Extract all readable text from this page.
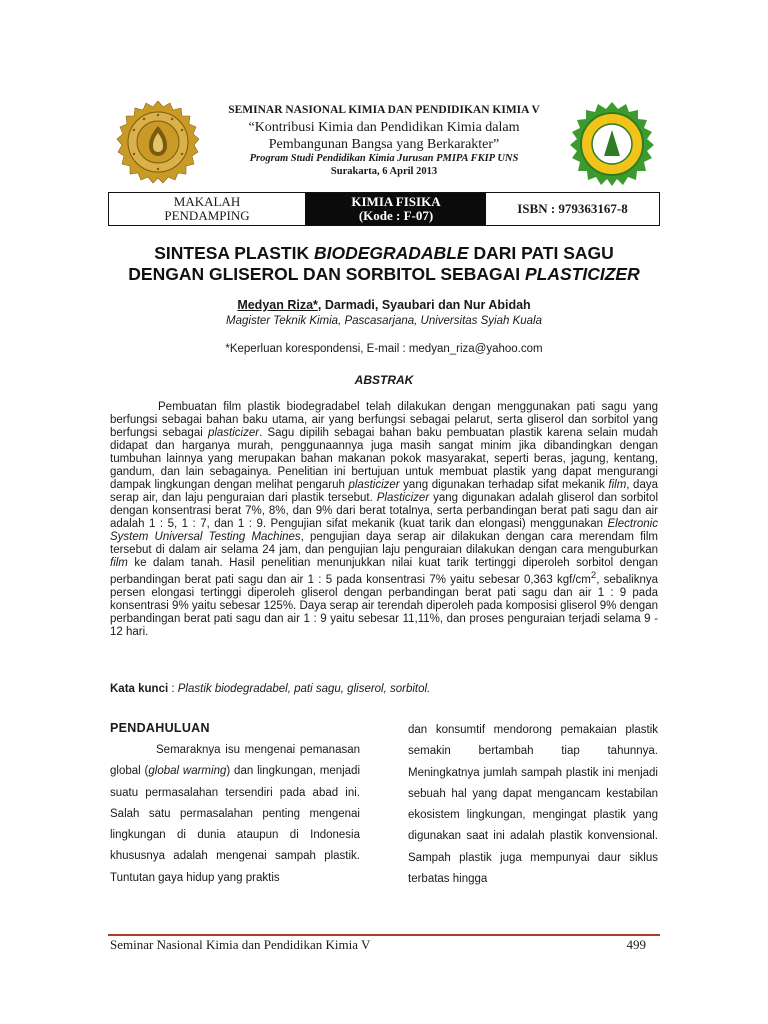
SEMINAR NASIONAL KIMIA DAN PENDIDIKAN KIMIA V
“Kontribusi Kimia dan Pendidikan Kimia dalam
Pembangunan Bangsa yang Berkarakter”
Program Studi Pendidikan Kimia Jurusan PMIPA FKIP UNS
Surakarta, 6 April 2013
MAKALAH
PENDAMPING
KIMIA FISIKA
(Kode : F-07)	ISBN : 979363167-8
SINTESA PLASTIK BIODEGRADABLE DARI PATI SAGU
DENGAN GLISEROL DAN SORBITOL SEBAGAI PLASTICIZER
Medyan Riza*, Darmadi, Syaubari dan Nur Abidah
Magister Teknik Kimia, Pascasarjana, Universitas Syiah Kuala
*Keperluan korespondensi, E-mail : medyan_riza@yahoo.com
ABSTRAK

Pembuatan film plastik biodegradabel telah dilakukan dengan menggunakan pati sagu yang berfungsi sebagai bahan baku utama, air yang berfungsi sebagai pelarut, serta gliserol dan sorbitol yang berfungsi sebagai plasticizer. Sagu dipilih sebagai bahan baku pembuatan plastik karena selain mudah didapat dan harganya murah, penggunaannya juga masih sangat minim jika dibandingkan dengan tumbuhan lainnya yang merupakan bahan makanan pokok masyarakat, seperti beras, jagung, kentang, gandum, dan lain sebagainya. Penelitian ini bertujuan untuk membuat plastik yang dapat mengurangi dampak lingkungan dengan melihat pengaruh plasticizer yang digunakan terhadap sifat mekanik film, daya serap air, dan laju penguraian dari plastik tersebut. Plasticizer yang digunakan adalah gliserol dan sorbitol dengan konsentrasi berat 7%, 8%, dan 9% dari berat totalnya, serta perbandingan berat pati sagu dan air adalah 1 : 5, 1 : 7, dan 1 : 9. Pengujian sifat mekanik (kuat tarik dan elongasi) menggunakan Electronic System Universal Testing Machines, pengujian daya serap air dilakukan dengan cara merendam film tersebut di dalam air selama 24 jam, dan pengujian laju penguraian dilakukan dengan cara menguburkan film ke dalam tanah. Hasil penelitian menunjukkan nilai kuat tarik tertinggi diperoleh sorbitol dengan perbandingan berat pati sagu dan air 1 : 5 pada konsentrasi 7% yaitu sebesar 0,363 kgf/$cm^2$, sebaliknya persen elongasi tertinggi diperoleh gliserol dengan perbandingan berat pati sagu dan air 1 : 9 pada konsentrasi 9% yaitu sebesar 125%. Daya serap air terendah diperoleh pada komposisi gliserol 9% dengan perbandingan berat pati sagu dan air 1 : 9 yaitu sebesar 11,11%, dan proses penguraian terjadi selama 9 - 12 hari.

Kata kunci : Plastik biodegradabel, pati sagu, gliserol, sorbitol.
PENDAHULUAN

Semaraknya isu mengenai pemanasan global (global warming) dan lingkungan, menjadi suatu permasalahan tersendiri pada abad ini. Salah satu permasalahan penting mengenai lingkungan di dunia ataupun di Indonesia khususnya adalah mengenai sampah plastik. Tuntutan gaya hidup yang praktis

dan konsumtif mendorong pemakaian plastik semakin bertambah tiap tahunnya. Meningkatnya jumlah sampah plastik ini menjadi sebuah hal yang dapat mengancam kestabilan ekosistem lingkungan, mengingat plastik yang digunakan saat ini adalah plastik konvensional. Sampah plastik juga mempunyai daur siklus terbatas hingga

Seminar Nasional Kimia dan Pendidikan Kimia V	499
